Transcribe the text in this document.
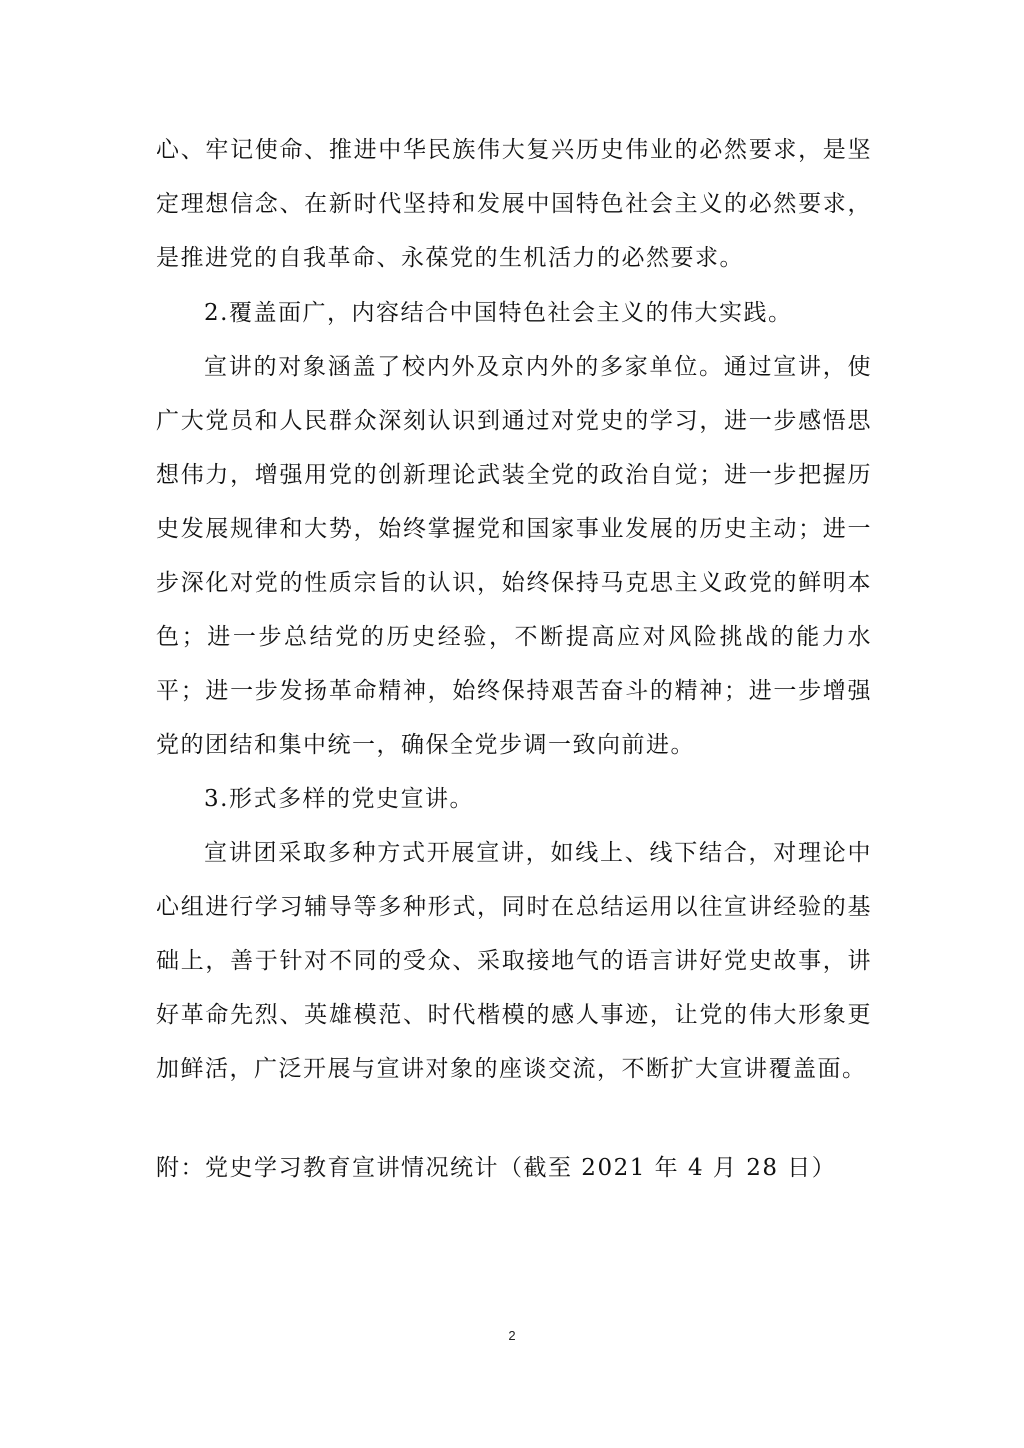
心、牢记使命、推进中华民族伟大复兴历史伟业的必然要求，是坚定理想信念、在新时代坚持和发展中国特色社会主义的必然要求，是推进党的自我革命、永葆党的生机活力的必然要求。

2.覆盖面广，内容结合中国特色社会主义的伟大实践。

宣讲的对象涵盖了校内外及京内外的多家单位。通过宣讲，使广大党员和人民群众深刻认识到通过对党史的学习，进一步感悟思想伟力，增强用党的创新理论武装全党的政治自觉；进一步把握历史发展规律和大势，始终掌握党和国家事业发展的历史主动；进一步深化对党的性质宗旨的认识，始终保持马克思主义政党的鲜明本色；进一步总结党的历史经验，不断提高应对风险挑战的能力水平；进一步发扬革命精神，始终保持艰苦奋斗的精神；进一步增强党的团结和集中统一，确保全党步调一致向前进。

3.形式多样的党史宣讲。

宣讲团采取多种方式开展宣讲，如线上、线下结合，对理论中心组进行学习辅导等多种形式，同时在总结运用以往宣讲经验的基础上，善于针对不同的受众、采取接地气的语言讲好党史故事，讲好革命先烈、英雄模范、时代楷模的感人事迹，让党的伟大形象更加鲜活，广泛开展与宣讲对象的座谈交流，不断扩大宣讲覆盖面。

附：党史学习教育宣讲情况统计（截至 2021 年 4 月 28 日）

2
